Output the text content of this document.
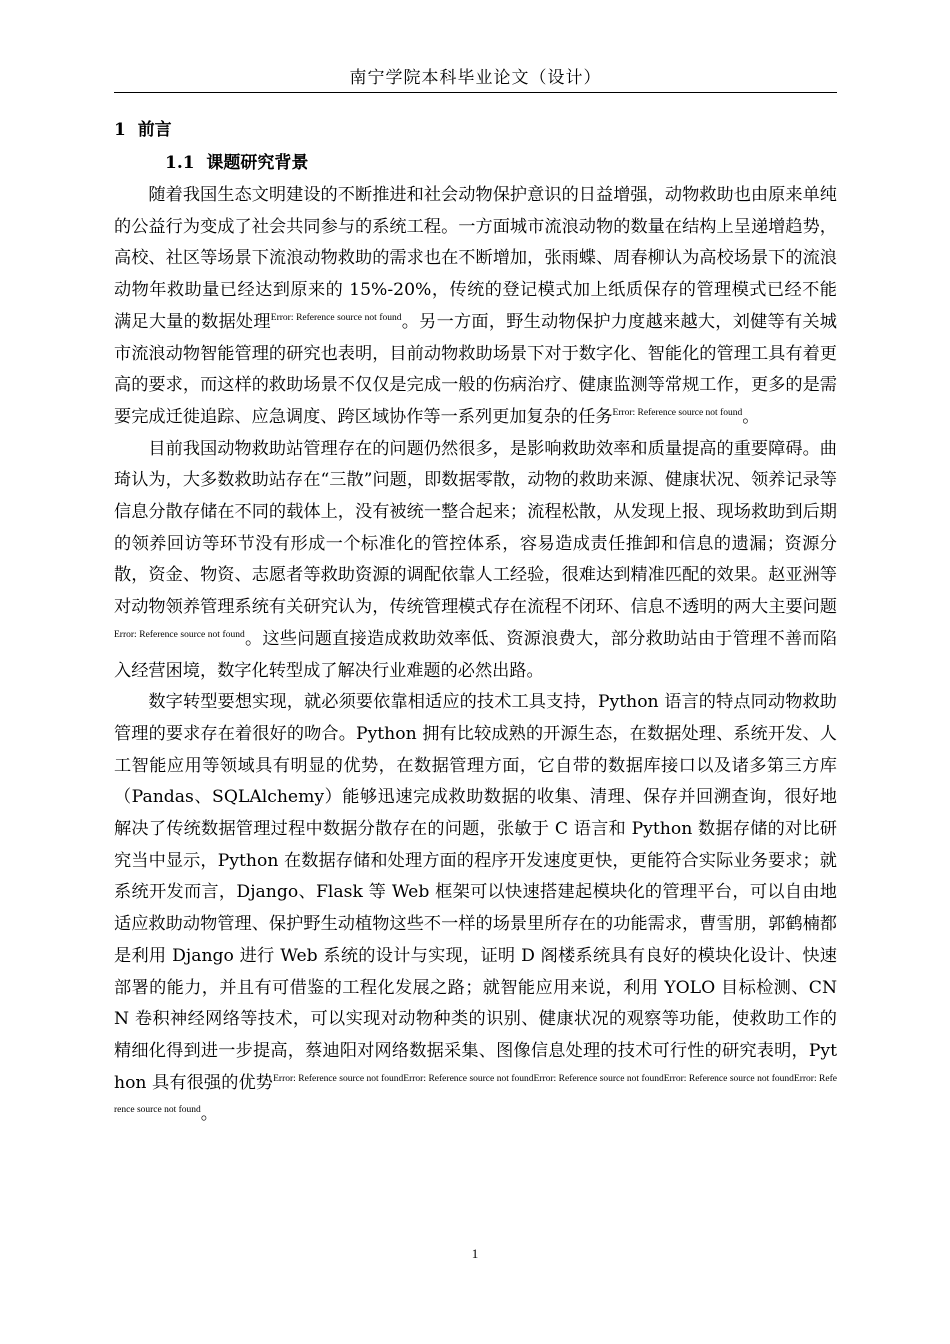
南宁学院本科毕业论文（设计）
1 前言
1.1 课题研究背景

随着我国生态文明建设的不断推进和社会动物保护意识的日益增强，动物救助也由原来单纯的公益行为变成了社会共同参与的系统工程。一方面城市流浪动物的数量在结构上呈递增趋势，高校、社区等场景下流浪动物救助的需求也在不断增加，张雨蝶、周春柳认为高校场景下的流浪动物年救助量已经达到原来的 15%-20%，传统的登记模式加上纸质保存的管理模式已经不能满足大量的数据处理$^{Error: Reference source not found}$。另一方面，野生动物保护力度越来越大，刘健等有关城市流浪动物智能管理的研究也表明，目前动物救助场景下对于数字化、智能化的管理工具有着更高的要求，而这样的救助场景不仅仅是完成一般的伤病治疗、健康监测等常规工作，更多的是需要完成迁徙追踪、应急调度、跨区域协作等一系列更加复杂的任务$^{Error: Reference source not found}$。

目前我国动物救助站管理存在的问题仍然很多，是影响救助效率和质量提高的重要障碍。曲琦认为，大多数救助站存在“三散”问题，即数据零散，动物的救助来源、健康状况、领养记录等信息分散存储在不同的载体上，没有被统一整合起来；流程松散，从发现上报、现场救助到后期的领养回访等环节没有形成一个标准化的管控体系，容易造成责任推卸和信息的遗漏；资源分散，资金、物资、志愿者等救助资源的调配依靠人工经验，很难达到精准匹配的效果。赵亚洲等对动物领养管理系统有关研究认为，传统管理模式存在流程不闭环、信息不透明的两大主要问题$^{Error: Reference source not found}$。这些问题直接造成救助效率低、资源浪费大，部分救助站由于管理不善而陷入经营困境，数字化转型成了解决行业难题的必然出路。

数字转型要想实现，就必须要依靠相适应的技术工具支持，Python 语言的特点同动物救助管理的要求存在着很好的吻合。Python 拥有比较成熟的开源生态，在数据处理、系统开发、人工智能应用等领域具有明显的优势，在数据管理方面，它自带的数据库接口以及诸多第三方库（Pandas、SQLAlchemy）能够迅速完成救助数据的收集、清理、保存并回溯查询，很好地解决了传统数据管理过程中数据分散存在的问题，张敏于 C 语言和 Python 数据存储的对比研究当中显示，Python 在数据存储和处理方面的程序开发速度更快，更能符合实际业务要求；就系统开发而言，Django、Flask 等 Web 框架可以快速搭建起模块化的管理平台，可以自由地适应救助动物管理、保护野生动植物这些不一样的场景里所存在的功能需求，曹雪朋，郭鹤楠都是利用 Django 进行 Web 系统的设计与实现，证明 D 阁楼系统具有良好的模块化设计、快速部署的能力，并且有可借鉴的工程化发展之路；就智能应用来说，利用 YOLO 目标检测、CNN 卷积神经网络等技术，可以实现对动物种类的识别、健康状况的观察等功能，使救助工作的精细化得到进一步提高，蔡迪阳对网络数据采集、图像信息处理的技术可行性的研究表明，Python 具有很强的优势$^{Error: Reference source not foundError: Reference source not foundError: Reference source not foundError: Reference source not foundError: Reference source not found}$。

1
